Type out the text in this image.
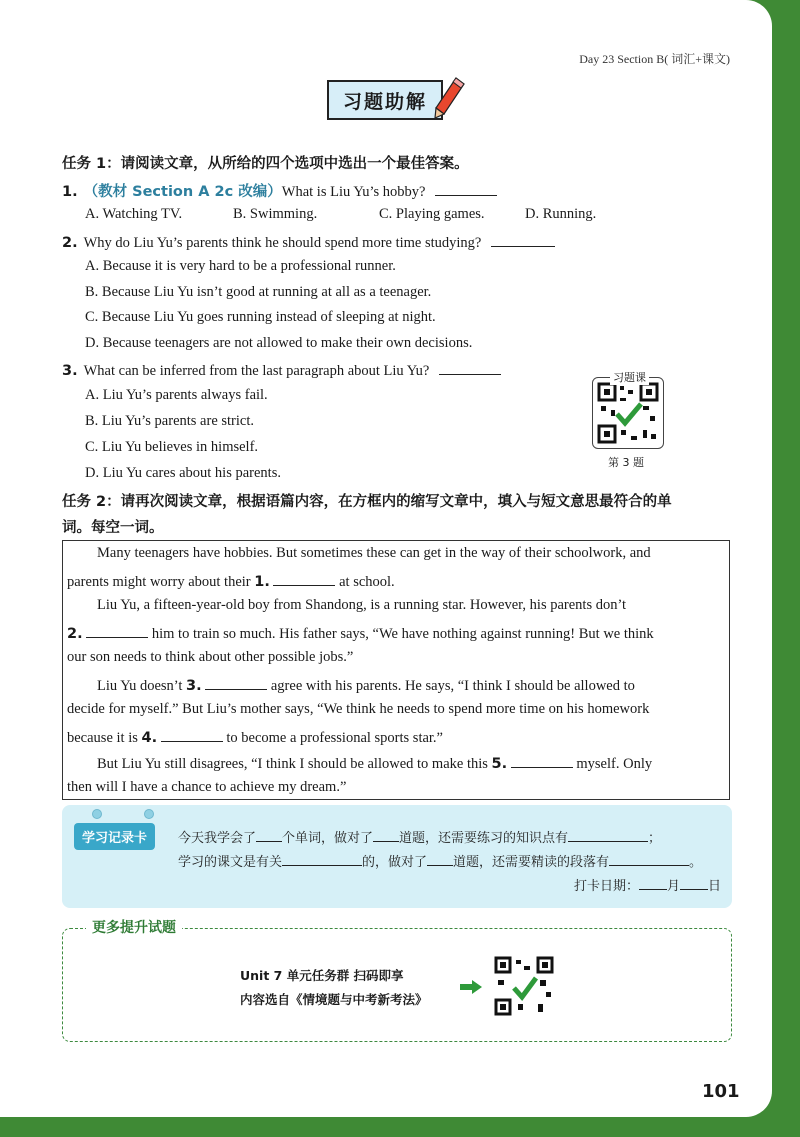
Day 23 Section B( 词汇+课文)
习题助解
任务 1：请阅读文章，从所给的四个选项中选出一个最佳答案。
1. （教材 Section A 2c 改编）What is Liu Yu’s hobby?
A. Watching TV.	B. Swimming.	C. Playing games.	D. Running.
2. Why do Liu Yu’s parents think he should spend more time studying?
A. Because it is very hard to be a professional runner.
B. Because Liu Yu isn’t good at running at all as a teenager.
C. Because Liu Yu goes running instead of sleeping at night.
D. Because teenagers are not allowed to make their own decisions.
3. What can be inferred from the last paragraph about Liu Yu?
A. Liu Yu’s parents always fail.
B. Liu Yu’s parents are strict.
C. Liu Yu believes in himself.
D. Liu Yu cares about his parents.
习题课
第 3 题
任务 2：请再次阅读文章，根据语篇内容，在方框内的缩写文章中，填入与短文意思最符合的单
词。每空一词。
Many teenagers have hobbies. But sometimes these can get in the way of their schoolwork, and
parents might worry about their 1.	at school.
Liu Yu, a fifteen-year-old boy from Shandong, is a running star. However, his parents don’t
2.	him to train so much. His father says, “We have nothing against running! But we think
our son needs to think about other possible jobs.”
Liu Yu doesn’t 3.	agree with his parents. He says, “I think I should be allowed to
decide for myself.” But Liu’s mother says, “We think he needs to spend more time on his homework
because it is 4.	to become a professional sports star.”
But Liu Yu still disagrees, “I think I should be allowed to make this 5.	myself. Only
then will I have a chance to achieve my dream.”
学习记录卡	今天我学会了 个单词，做对了 道题，还需要练习的知识点有	；
学习的课文是有关	的，做对了 道题，还需要精读的段落有	。
打卡日期： 月 日
更多提升试题
Unit 7 单元任务群 扫码即享
内容选自《情境题与中考新考法》
101
